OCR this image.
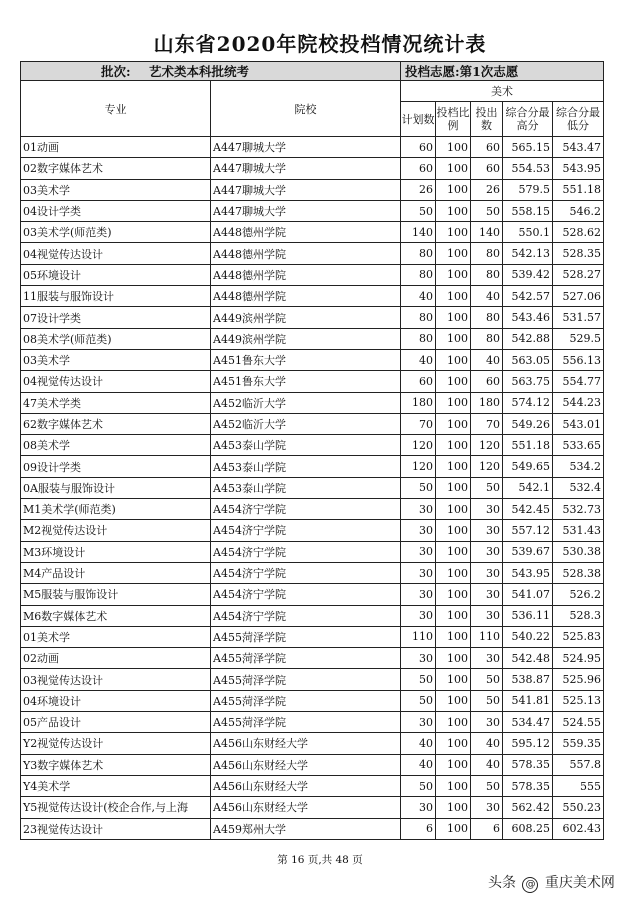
山东省2020年院校投档情况统计表
批次: 艺术类本科批统考		投档志愿:第1次志愿				
专业	院校	美术				
		计划数	投档比例	投出数	综合分最高分	综合分最低分
01动画	A447聊城大学	60	100	60	565.15	543.47
02数字媒体艺术	A447聊城大学	60	100	60	554.53	543.95
03美术学	A447聊城大学	26	100	26	579.5	551.18
04设计学类	A447聊城大学	50	100	50	558.15	546.2
03美术学(师范类)	A448德州学院	140	100	140	550.1	528.62
04视觉传达设计	A448德州学院	80	100	80	542.13	528.35
05环境设计	A448德州学院	80	100	80	539.42	528.27
11服装与服饰设计	A448德州学院	40	100	40	542.57	527.06
07设计学类	A449滨州学院	80	100	80	543.46	531.57
08美术学(师范类)	A449滨州学院	80	100	80	542.88	529.5
03美术学	A451鲁东大学	40	100	40	563.05	556.13
04视觉传达设计	A451鲁东大学	60	100	60	563.75	554.77
47美术学类	A452临沂大学	180	100	180	574.12	544.23
62数字媒体艺术	A452临沂大学	70	100	70	549.26	543.01
08美术学	A453泰山学院	120	100	120	551.18	533.65
09设计学类	A453泰山学院	120	100	120	549.65	534.2
0A服装与服饰设计	A453泰山学院	50	100	50	542.1	532.4
M1美术学(师范类)	A454济宁学院	30	100	30	542.45	532.73
M2视觉传达设计	A454济宁学院	30	100	30	557.12	531.43
M3环境设计	A454济宁学院	30	100	30	539.67	530.38
M4产品设计	A454济宁学院	30	100	30	543.95	528.38
M5服装与服饰设计	A454济宁学院	30	100	30	541.07	526.2
M6数字媒体艺术	A454济宁学院	30	100	30	536.11	528.3
01美术学	A455菏泽学院	110	100	110	540.22	525.83
02动画	A455菏泽学院	30	100	30	542.48	524.95
03视觉传达设计	A455菏泽学院	50	100	50	538.87	525.96
04环境设计	A455菏泽学院	50	100	50	541.81	525.13
05产品设计	A455菏泽学院	30	100	30	534.47	524.55
Y2视觉传达设计	A456山东财经大学	40	100	40	595.12	559.35
Y3数字媒体艺术	A456山东财经大学	40	100	40	578.35	557.8
Y4美术学	A456山东财经大学	50	100	50	578.35	555
Y5视觉传达设计(校企合作,与上海	A456山东财经大学	30	100	30	562.42	550.23
23视觉传达设计	A459郑州大学	6	100	6	608.25	602.43
第 16 页,共 48 页
头条 @ 重庆美术网
